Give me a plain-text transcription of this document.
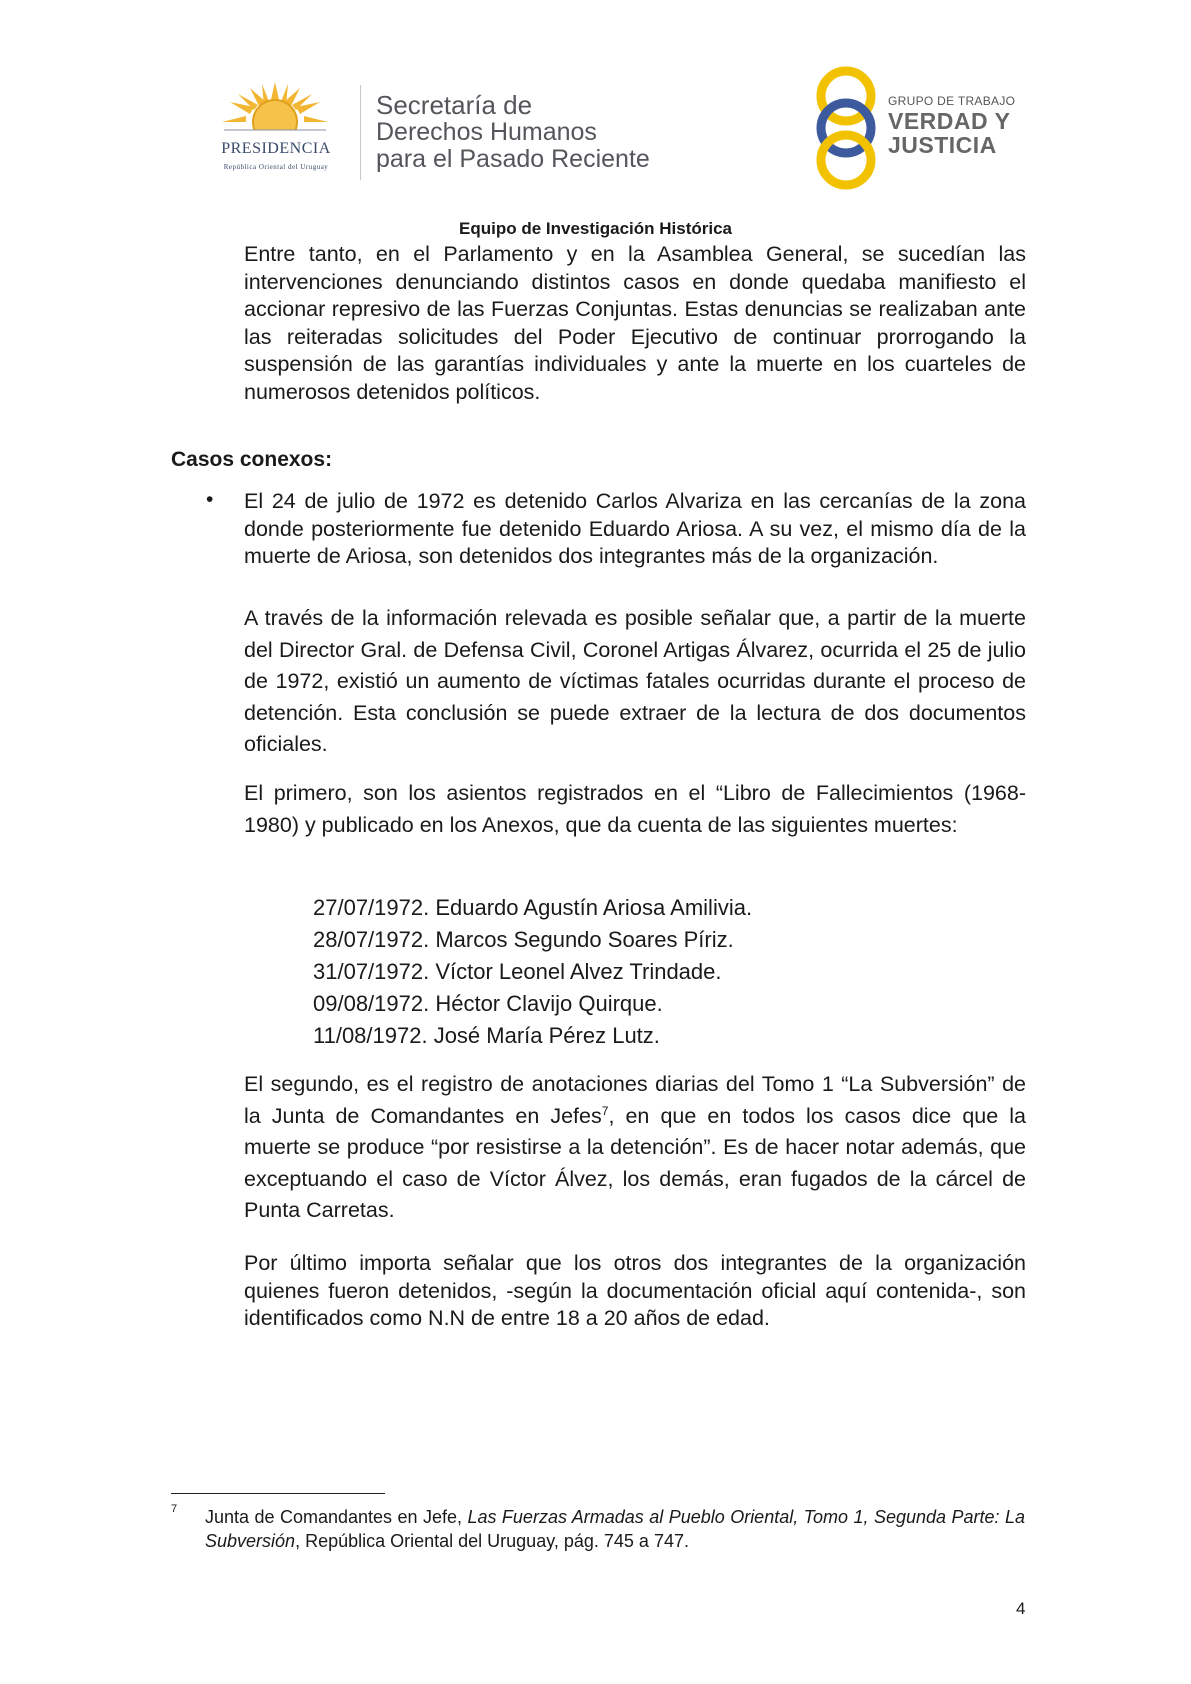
PRESIDENCIA
República Oriental del Uruguay
Secretaría de
Derechos Humanos
para el Pasado Reciente
GRUPO DE TRABAJO
VERDAD Y
JUSTICIA
Equipo de Investigación Histórica
Entre tanto, en el Parlamento y en la Asamblea General, se sucedían las intervenciones denunciando distintos casos en donde quedaba manifiesto el accionar represivo de las Fuerzas Conjuntas. Estas denuncias se realizaban ante las reiteradas solicitudes del Poder Ejecutivo de continuar prorrogando la suspensión de las garantías individuales y ante la muerte en los cuarteles de numerosos detenidos políticos.
Casos conexos:
• El 24 de julio de 1972 es detenido Carlos Alvariza en las cercanías de la zona donde posteriormente fue detenido Eduardo Ariosa. A su vez, el mismo día de la muerte de Ariosa, son detenidos dos integrantes más de la organización.
A través de la información relevada es posible señalar que, a partir de la muerte del Director Gral. de Defensa Civil, Coronel Artigas Álvarez, ocurrida el 25 de julio de 1972, existió un aumento de víctimas fatales ocurridas durante el proceso de detención. Esta conclusión se puede extraer de la lectura de dos documentos oficiales.
El primero, son los asientos registrados en el “Libro de Fallecimientos (1968-1980) y publicado en los Anexos, que da cuenta de las siguientes muertes:
27/07/1972. Eduardo Agustín Ariosa Amilivia.
28/07/1972. Marcos Segundo Soares Píriz.
31/07/1972. Víctor Leonel Alvez Trindade.
09/08/1972. Héctor Clavijo Quirque.
11/08/1972. José María Pérez Lutz.
El segundo, es el registro de anotaciones diarias del Tomo 1 “La Subversión” de la Junta de Comandantes en Jefes$^7$, en que en todos los casos dice que la muerte se produce “por resistirse a la detención”. Es de hacer notar además, que exceptuando el caso de Víctor Álvez, los demás, eran fugados de la cárcel de Punta Carretas.
Por último importa señalar que los otros dos integrantes de la organización quienes fueron detenidos, -según la documentación oficial aquí contenida-, son identificados como N.N de entre 18 a 20 años de edad.
7 Junta de Comandantes en Jefe, Las Fuerzas Armadas al Pueblo Oriental, Tomo 1, Segunda Parte: La Subversión, República Oriental del Uruguay, pág. 745 a 747.
4
